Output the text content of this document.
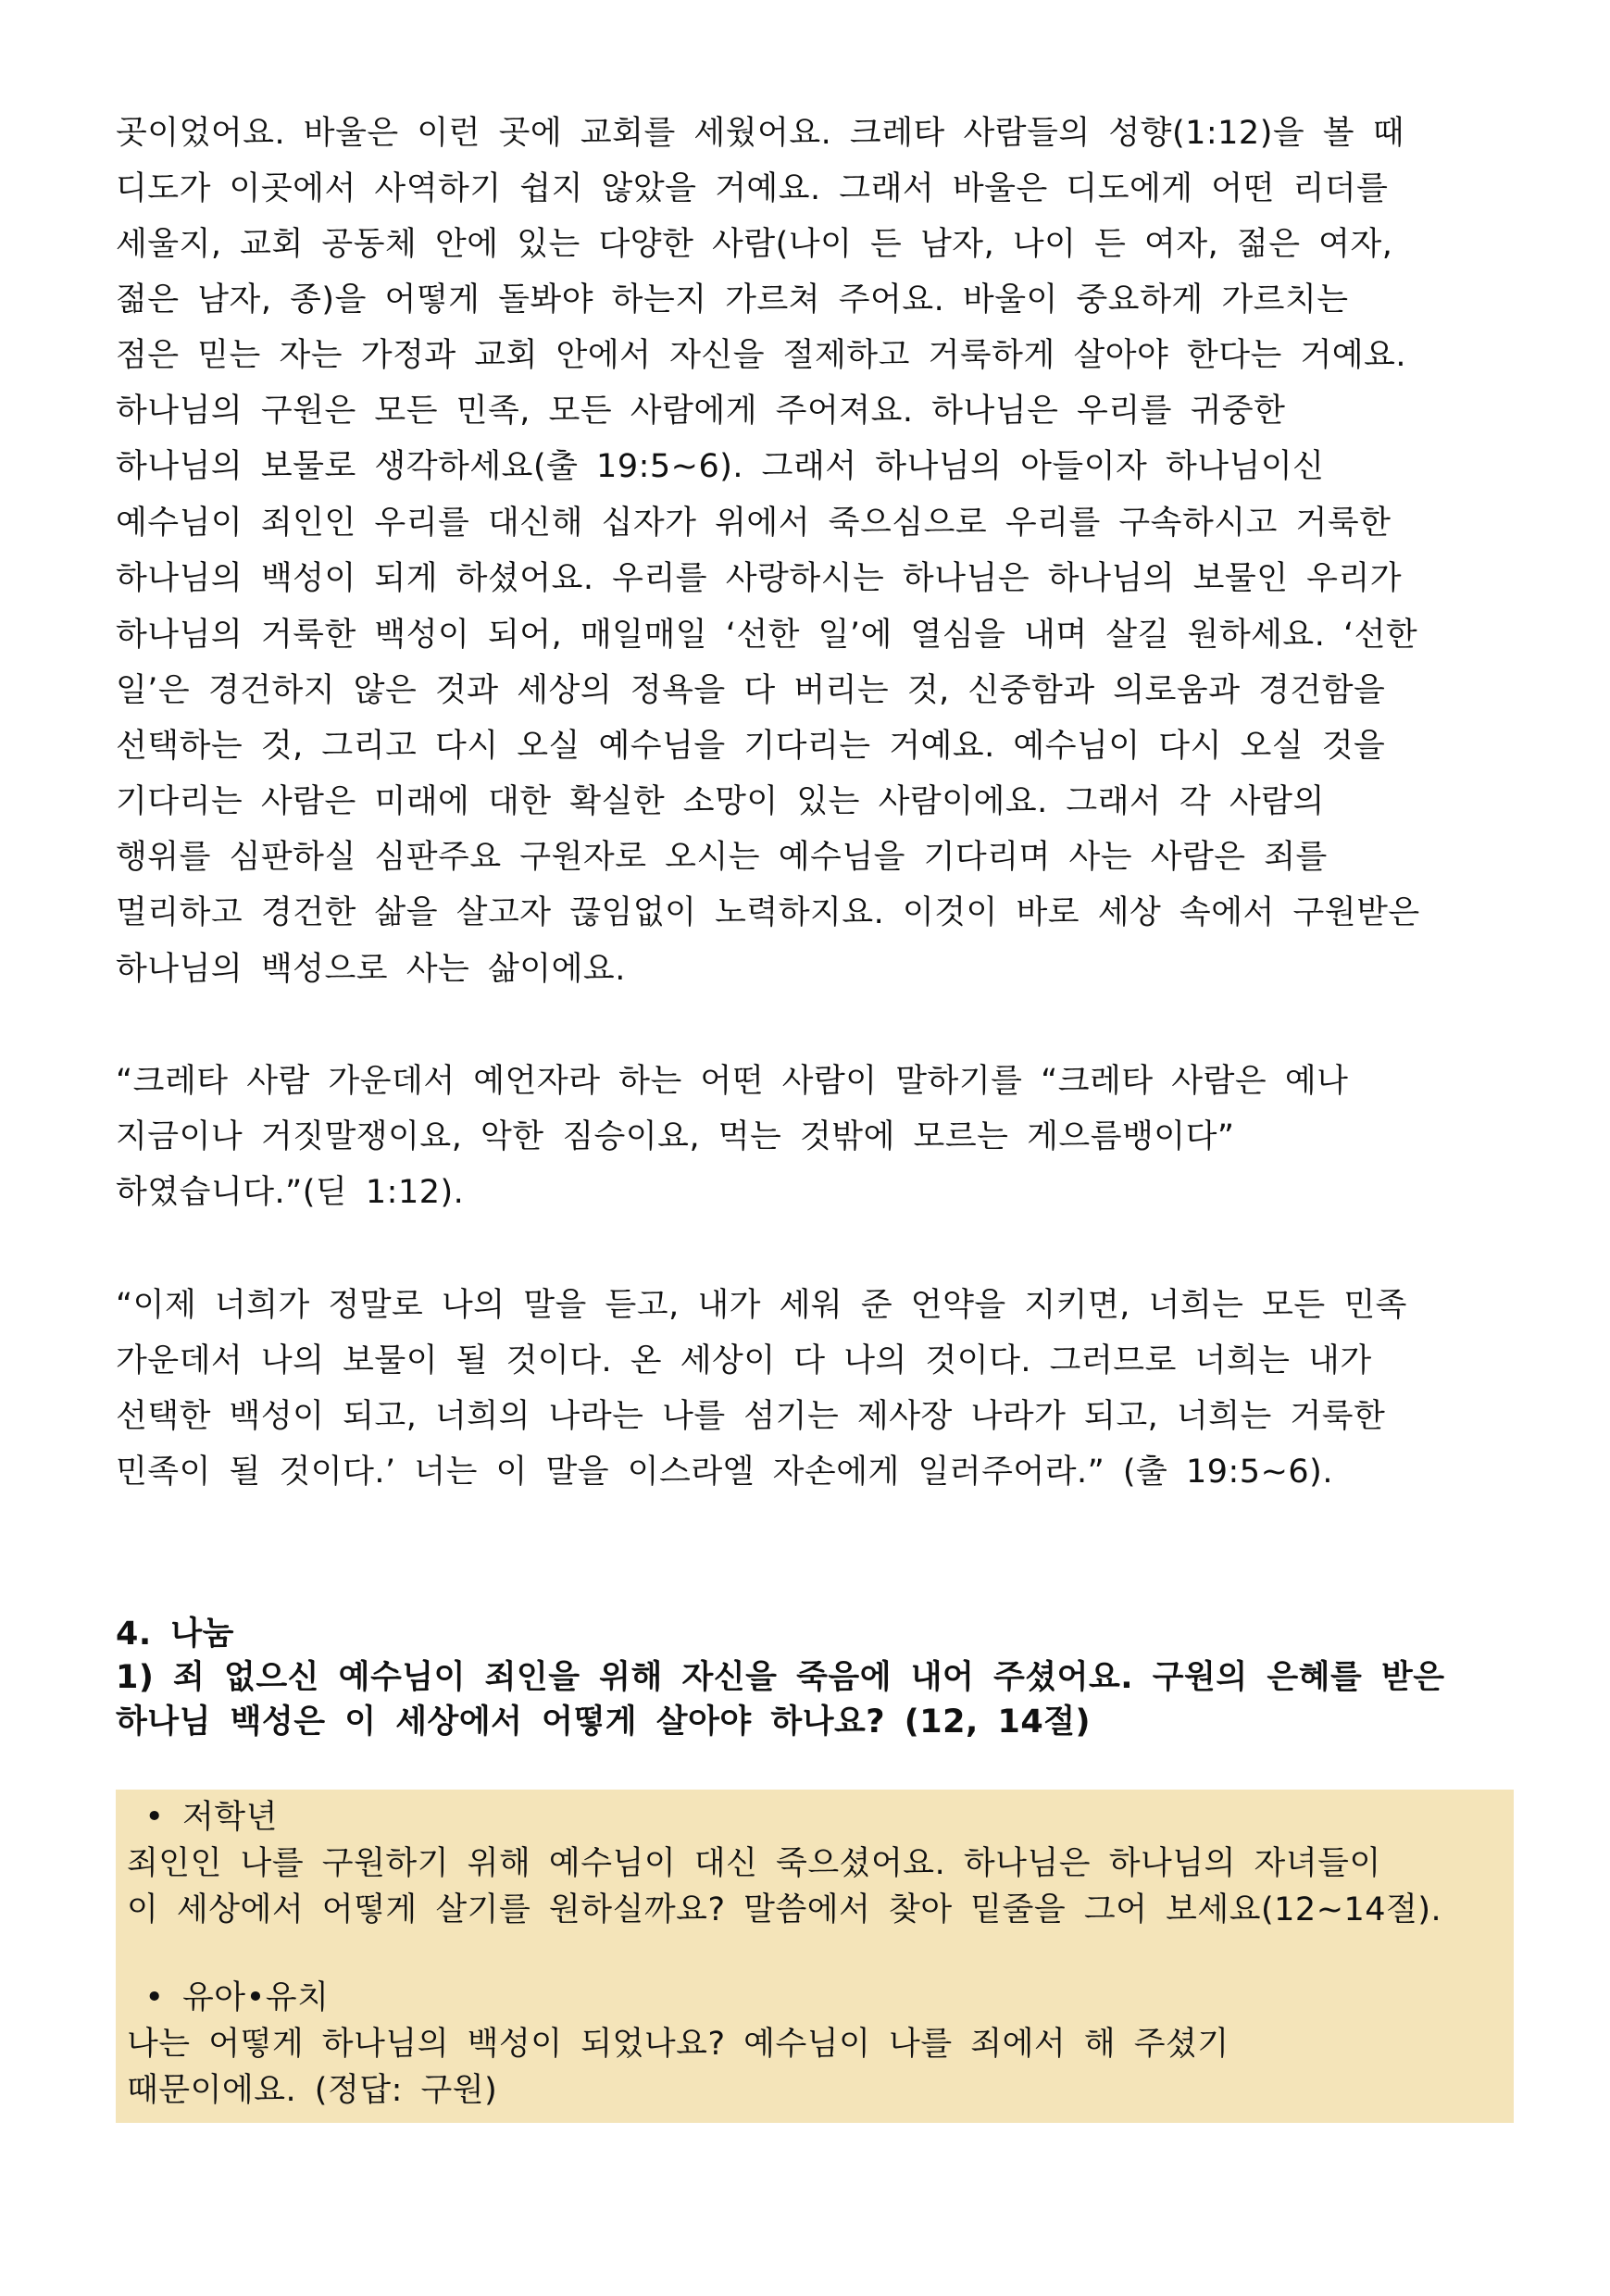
곳이었어요. 바울은 이런 곳에 교회를 세웠어요. 크레타 사람들의 성향(1:12)을 볼 때
디도가 이곳에서 사역하기 쉽지 않았을 거예요. 그래서 바울은 디도에게 어떤 리더를
세울지, 교회 공동체 안에 있는 다양한 사람(나이 든 남자, 나이 든 여자, 젊은 여자,
젊은 남자, 종)을 어떻게 돌봐야 하는지 가르쳐 주어요. 바울이 중요하게 가르치는
점은 믿는 자는 가정과 교회 안에서 자신을 절제하고 거룩하게 살아야 한다는 거예요.
하나님의 구원은 모든 민족, 모든 사람에게 주어져요. 하나님은 우리를 귀중한
하나님의 보물로 생각하세요(출 19:5~6). 그래서 하나님의 아들이자 하나님이신
예수님이 죄인인 우리를 대신해 십자가 위에서 죽으심으로 우리를 구속하시고 거룩한
하나님의 백성이 되게 하셨어요. 우리를 사랑하시는 하나님은 하나님의 보물인 우리가
하나님의 거룩한 백성이 되어, 매일매일 ‘선한 일’에 열심을 내며 살길 원하세요. ‘선한
일’은 경건하지 않은 것과 세상의 정욕을 다 버리는 것, 신중함과 의로움과 경건함을
선택하는 것, 그리고 다시 오실 예수님을 기다리는 거예요. 예수님이 다시 오실 것을
기다리는 사람은 미래에 대한 확실한 소망이 있는 사람이에요. 그래서 각 사람의
행위를 심판하실 심판주요 구원자로 오시는 예수님을 기다리며 사는 사람은 죄를
멀리하고 경건한 삶을 살고자 끊임없이 노력하지요. 이것이 바로 세상 속에서 구원받은
하나님의 백성으로 사는 삶이에요.
“크레타 사람 가운데서 예언자라 하는 어떤 사람이 말하기를 “크레타 사람은 예나
지금이나 거짓말쟁이요, 악한 짐승이요, 먹는 것밖에 모르는 게으름뱅이다”
하였습니다.”(딛 1:12).
“이제 너희가 정말로 나의 말을 듣고, 내가 세워 준 언약을 지키면, 너희는 모든 민족
가운데서 나의 보물이 될 것이다. 온 세상이 다 나의 것이다. 그러므로 너희는 내가
선택한 백성이 되고, 너희의 나라는 나를 섬기는 제사장 나라가 되고, 너희는 거룩한
민족이 될 것이다.’ 너는 이 말을 이스라엘 자손에게 일러주어라.” (출 19:5~6).
4. 나눔
1) 죄 없으신 예수님이 죄인을 위해 자신을 죽음에 내어 주셨어요. 구원의 은혜를 받은
하나님 백성은 이 세상에서 어떻게 살아야 하나요? (12, 14절)
• 저학년
죄인인 나를 구원하기 위해 예수님이 대신 죽으셨어요. 하나님은 하나님의 자녀들이
이 세상에서 어떻게 살기를 원하실까요? 말씀에서 찾아 밑줄을 그어 보세요(12~14절).
• 유아•유치
나는 어떻게 하나님의 백성이 되었나요? 예수님이 나를 죄에서 해 주셨기
때문이에요. (정답: 구원)
